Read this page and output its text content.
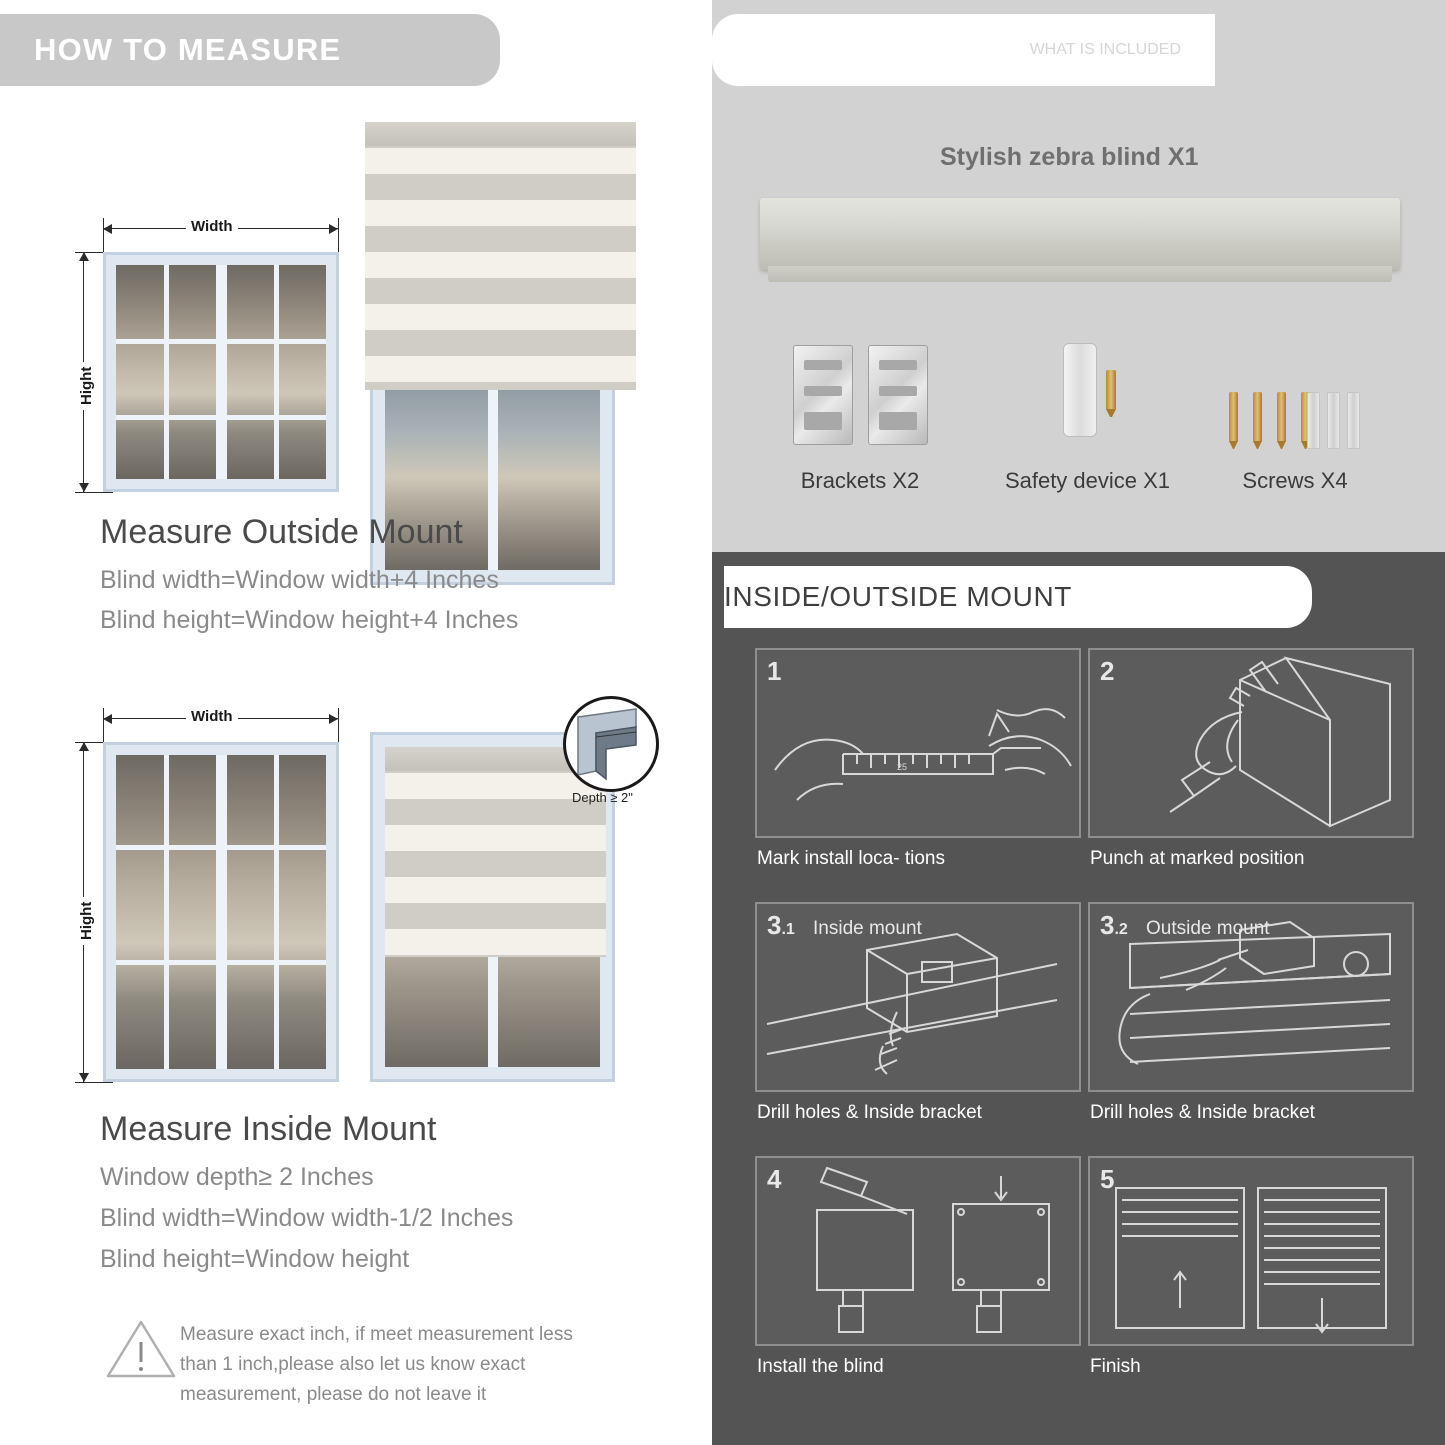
HOW TO MEASURE
Width
Hight
Measure Outside Mount
Blind width=Window width+4 Inches
Blind height=Window height+4 Inches
Width
Hight
Depth ≥ 2"
Measure Inside Mount
Window depth≥ 2 Inches
Blind width=Window width-1/2 Inches
Blind height=Window height
Measure exact inch, if meet measurement less than 1 inch,please also let us know exact measurement, please do not leave it
WHAT IS INCLUDED
Stylish zebra blind X1
Brackets X2	Safety device X1	Screws X4
INSIDE/OUTSIDE MOUNT
25
1
Mark install loca- tions
2
Punch at marked position
3.1 Inside mount
Drill holes & Inside bracket
3.2 Outside mount
Drill holes & Inside bracket
4
Install the blind
5
Finish
